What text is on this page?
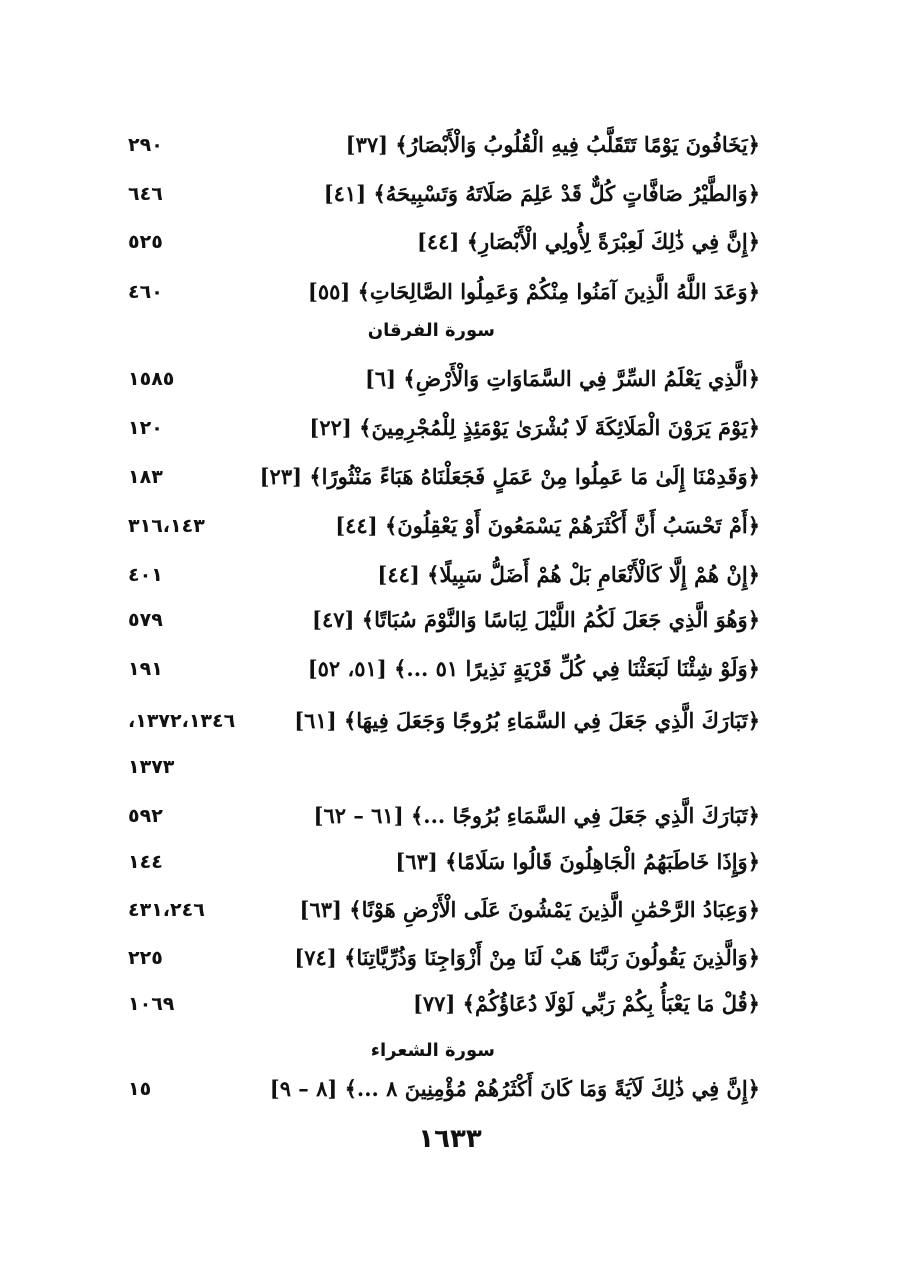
﴿يَخَافُونَ يَوْمًا تَتَقَلَّبُ فِيهِ الْقُلُوبُ وَالْأَبْصَارُ﴾ [٣٧]
٢٩٠
﴿وَالطَّيْرُ صَافَّاتٍ كُلٌّ قَدْ عَلِمَ صَلَاتَهُ وَتَسْبِيحَهُ﴾ [٤١]
٦٤٦
﴿إِنَّ فِي ذَٰلِكَ لَعِبْرَةً لِأُولِي الْأَبْصَارِ﴾ [٤٤]
٥٢٥
﴿وَعَدَ اللَّهُ الَّذِينَ آمَنُوا مِنْكُمْ وَعَمِلُوا الصَّالِحَاتِ﴾ [٥٥]
٤٦٠
سورة الفرقان
﴿الَّذِي يَعْلَمُ السِّرَّ فِي السَّمَاوَاتِ وَالْأَرْضِ﴾ [٦]
١٥٨٥
﴿يَوْمَ يَرَوْنَ الْمَلَائِكَةَ لَا بُشْرَىٰ يَوْمَئِذٍ لِلْمُجْرِمِينَ﴾ [٢٢]
١٢٠
﴿وَقَدِمْنَا إِلَىٰ مَا عَمِلُوا مِنْ عَمَلٍ فَجَعَلْنَاهُ هَبَاءً مَنْثُورًا﴾ [٢٣]
١٨٣
﴿أَمْ تَحْسَبُ أَنَّ أَكْثَرَهُمْ يَسْمَعُونَ أَوْ يَعْقِلُونَ﴾ [٤٤]
٣١٦،١٤٣
﴿إِنْ هُمْ إِلَّا كَالْأَنْعَامِ بَلْ هُمْ أَضَلُّ سَبِيلًا﴾ [٤٤]
٤٠١
﴿وَهُوَ الَّذِي جَعَلَ لَكُمُ اللَّيْلَ لِبَاسًا وَالنَّوْمَ سُبَاتًا﴾ [٤٧]
٥٧٩
﴿وَلَوْ شِئْنَا لَبَعَثْنَا فِي كُلِّ قَرْيَةٍ نَذِيرًا ٥١ ...﴾ [٥١، ٥٢]
١٩١
﴿تَبَارَكَ الَّذِي جَعَلَ فِي السَّمَاءِ بُرُوجًا وَجَعَلَ فِيهَا﴾ [٦١]
١٣٧٢،١٣٤٦،
١٣٧٣
﴿تَبَارَكَ الَّذِي جَعَلَ فِي السَّمَاءِ بُرُوجًا ...﴾ [٦١ – ٦٢]
٥٩٢
﴿وَإِذَا خَاطَبَهُمُ الْجَاهِلُونَ قَالُوا سَلَامًا﴾ [٦٣]
١٤٤
﴿وَعِبَادُ الرَّحْمَٰنِ الَّذِينَ يَمْشُونَ عَلَى الْأَرْضِ هَوْنًا﴾ [٦٣]
٤٣١،٢٤٦
﴿وَالَّذِينَ يَقُولُونَ رَبَّنَا هَبْ لَنَا مِنْ أَزْوَاجِنَا وَذُرِّيَّاتِنَا﴾ [٧٤]
٢٢٥
﴿قُلْ مَا يَعْبَأُ بِكُمْ رَبِّي لَوْلَا دُعَاؤُكُمْ﴾ [٧٧]
١٠٦٩
سورة الشعراء
﴿إِنَّ فِي ذَٰلِكَ لَآيَةً وَمَا كَانَ أَكْثَرُهُمْ مُؤْمِنِينَ ٨ ...﴾ [٨ – ٩]
١٥
١٦٣٣
